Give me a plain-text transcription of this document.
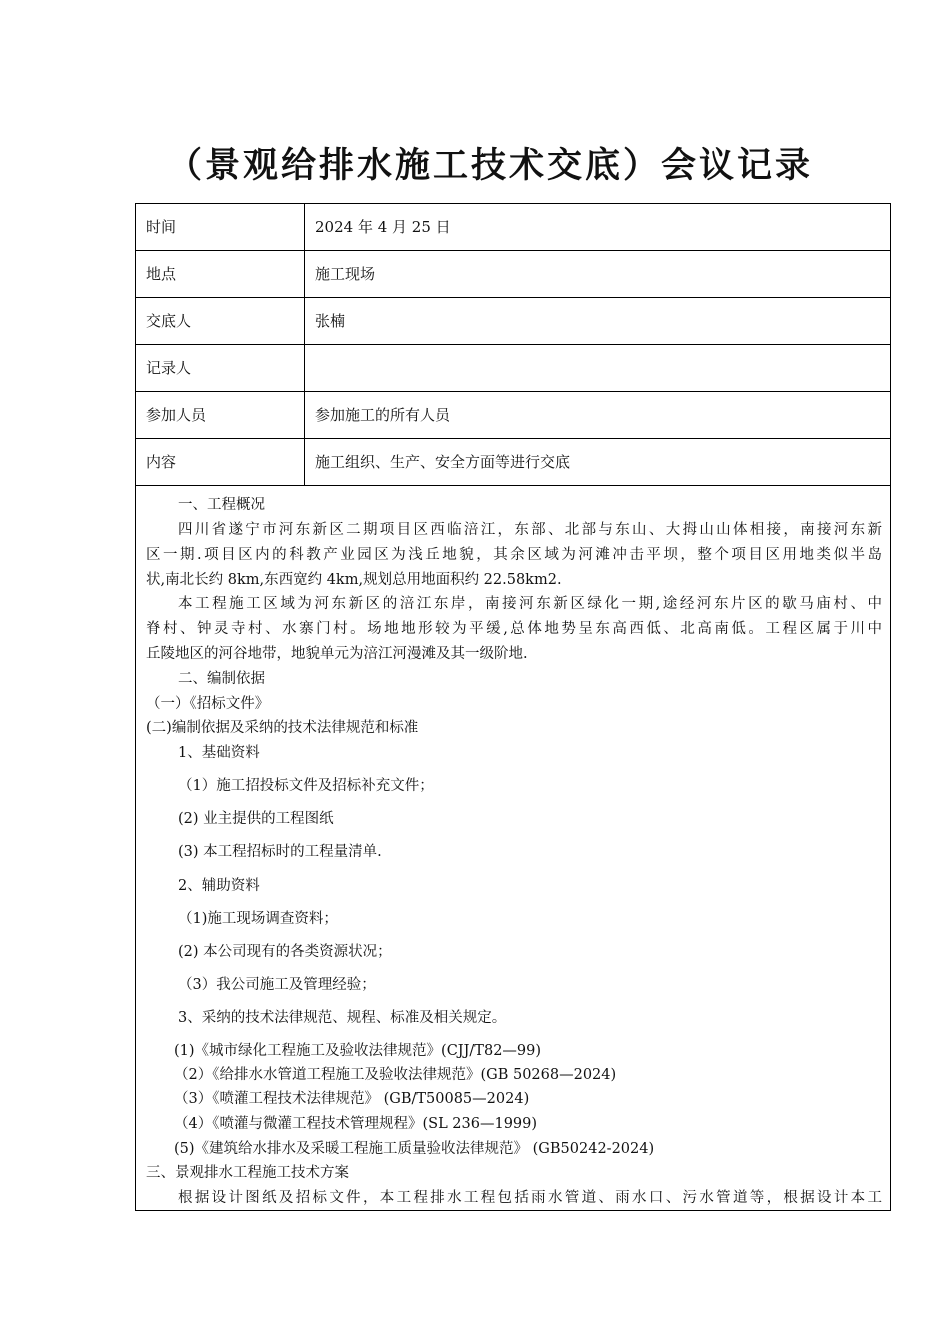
（景观给排水施工技术交底）会议记录
时间	2024 年 4 月 25 日
地点	施工现场
交底人	张楠
记录人
参加人员	参加施工的所有人员
内容	施工组织、生产、安全方面等进行交底
一、工程概况
四川省遂宁市河东新区二期项目区西临涪江，东部、北部与东山、大拇山山体相接，南接河东新
区一期.项目区内的科教产业园区为浅丘地貌，其余区域为河滩冲击平坝，整个项目区用地类似半岛
状,南北长约 8km,东西宽约 4km,规划总用地面积约 22.58km2.
本工程施工区域为河东新区的涪江东岸，南接河东新区绿化一期,途经河东片区的歇马庙村、中
脊村、钟灵寺村、水寨门村。场地地形较为平缓,总体地势呈东高西低、北高南低。工程区属于川中
丘陵地区的河谷地带，地貌单元为涪江河漫滩及其一级阶地.
二、编制依据
（一）《招标文件》
(二)编制依据及采纳的技术法律规范和标准
1、基础资料
（1）施工招投标文件及招标补充文件；
(2) 业主提供的工程图纸
(3) 本工程招标时的工程量清单.
2、辅助资料
（1)施工现场调查资料；
(2) 本公司现有的各类资源状况；
（3）我公司施工及管理经验；
3、采纳的技术法律规范、规程、标准及相关规定。
(1)《城市绿化工程施工及验收法律规范》(CJJ/T82—99)
（2）《给排水水管道工程施工及验收法律规范》(GB 50268—2024)
（3）《喷灌工程技术法律规范》 (GB/T50085—2024)
（4）《喷灌与微灌工程技术管理规程》(SL 236—1999)
(5)《建筑给水排水及采暖工程施工质量验收法律规范》 (GB50242-2024)
三、景观排水工程施工技术方案
根据设计图纸及招标文件，本工程排水工程包括雨水管道、雨水口、污水管道等，根据设计本工
